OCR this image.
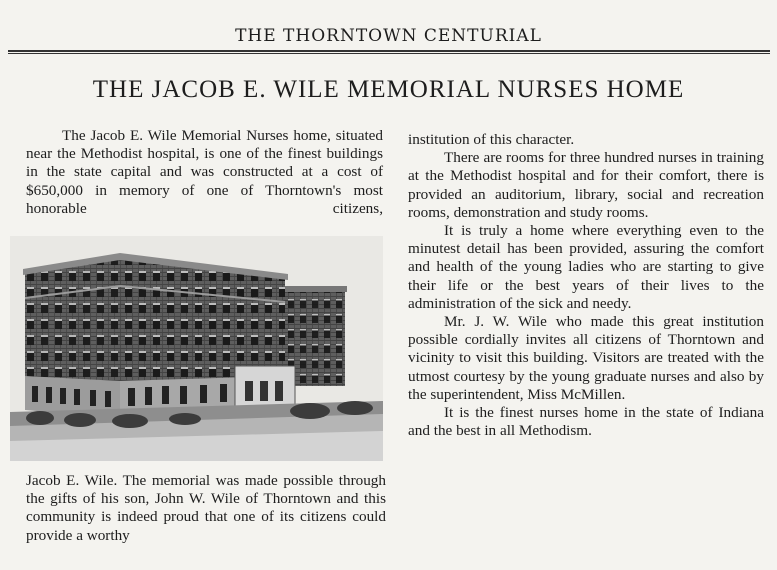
THE THORNTOWN CENTURIAL
THE JACOB E. WILE MEMORIAL NURSES HOME

The Jacob E. Wile Memorial Nurses home, situated near the Methodist hospital, is one of the finest buildings in the state capital and was constructed at a cost of $650,000 in memory of one of Thorntown's most honorable citizens,

Jacob E. Wile. The memorial was made possible through the gifts of his son, John W. Wile of Thorntown and this community is indeed proud that one of its citizens could provide a worthy

institution of this character.

There are rooms for three hundred nurses in training at the Methodist hospital and for their comfort, there is provided an auditorium, library, social and recreation rooms, demonstration and study rooms.

It is truly a home where everything even to the minutest detail has been provided, assuring the comfort and health of the young ladies who are starting to give their life or the best years of their lives to the administration of the sick and needy.

Mr. J. W. Wile who made this great institution possible cordially invites all citizens of Thorntown and vicinity to visit this building. Visitors are treated with the utmost courtesy by the young graduate nurses and also by the superintendent, Miss McMillen.

It is the finest nurses home in the state of Indiana and the best in all Methodism.
